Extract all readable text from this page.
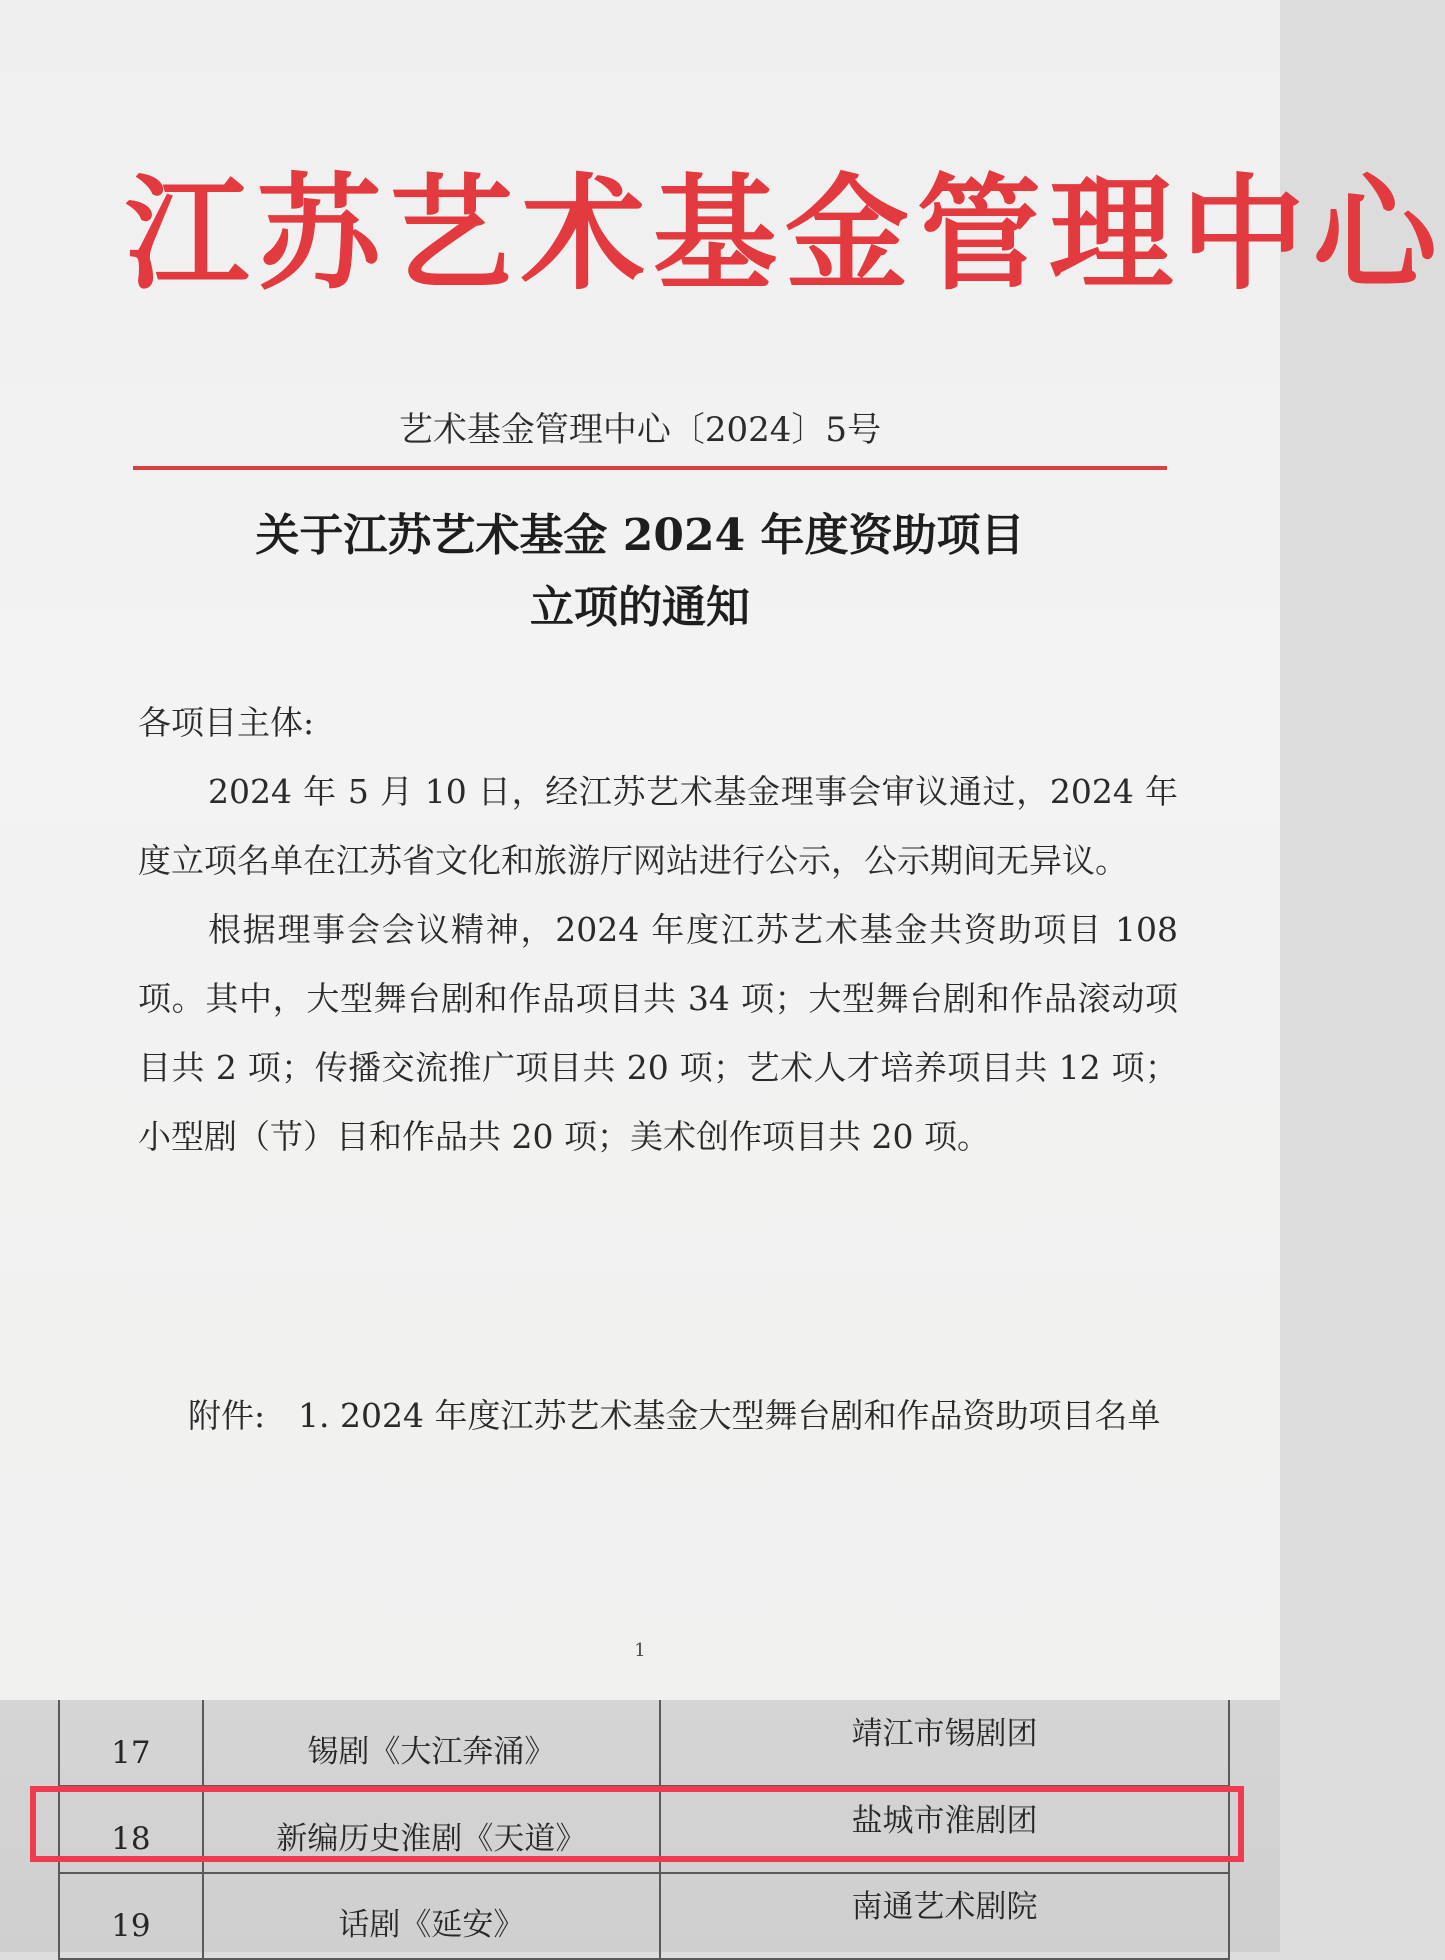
江苏艺术基金管理中心
艺术基金管理中心〔2024〕5号
关于江苏艺术基金 2024 年度资助项目
立项的通知

各项目主体:

2024 年 5 月 10 日，经江苏艺术基金理事会审议通过，2024 年度立项名单在江苏省文化和旅游厅网站进行公示，公示期间无异议。

根据理事会会议精神，2024 年度江苏艺术基金共资助项目 108 项。其中，大型舞台剧和作品项目共 34 项；大型舞台剧和作品滚动项目共 2 项；传播交流推广项目共 20 项；艺术人才培养项目共 12 项；小型剧（节）目和作品共 20 项；美术创作项目共 20 项。

附件: 1. 2024 年度江苏艺术基金大型舞台剧和作品资助项目名单

1
17	锡剧《大江奔涌》	靖江市锡剧团
18	新编历史淮剧《天道》	盐城市淮剧团
19	话剧《延安》	南通艺术剧院
